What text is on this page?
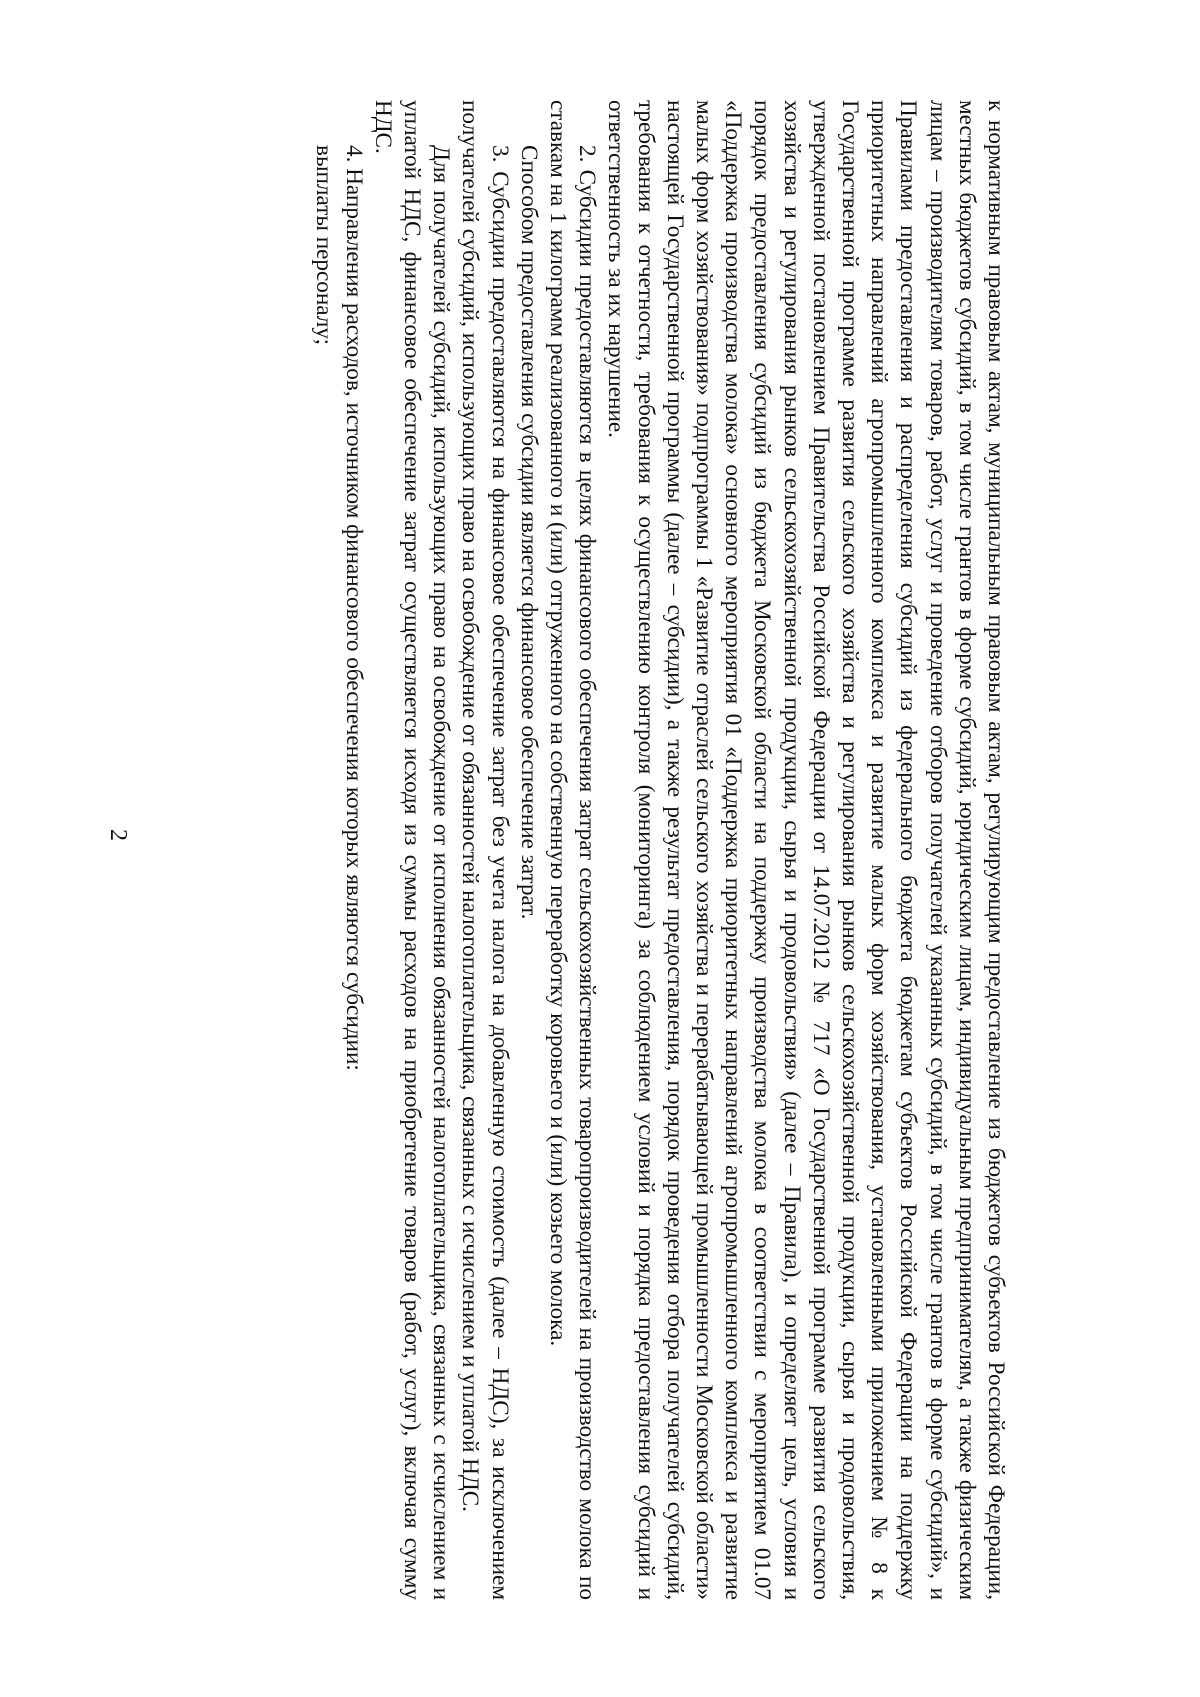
2	к нормативным правовым актам, муниципальным правовым актам, регулирующим предоставление из бюджетов субъектов Российской Федерации, местных бюджетов субсидий, в том числе грантов в форме субсидий, юридическим лицам, индивидуальным предпринимателям, а также физическим лицам – производителям товаров, работ, услуг и проведение отборов получателей указанных субсидий, в том числе грантов в форме субсидий», и Правилами предоставления и распределения субсидий из федерального бюджета бюджетам субъектов Российской Федерации на поддержку приоритетных направлений агропромышленного комплекса и развитие малых форм хозяйствования, установленными приложением № 8 к Государственной программе развития сельского хозяйства и регулирования рынков сельскохозяйственной продукции, сырья и продовольствия, утвержденной постановлением Правительства Российской Федерации от 14.07.2012 № 717 «О Государственной программе развития сельского хозяйства и регулирования рынков сельскохозяйственной продукции, сырья и продовольствия» (далее – Правила), и определяет цель, условия и порядок предоставления субсидий из бюджета Московской области на поддержку производства молока в соответствии с мероприятием 01.07 «Поддержка производства молока» основного мероприятия 01 «Поддержка приоритетных направлений агропромышленного комплекса и развитие малых форм хозяйствования» подпрограммы 1 «Развитие отраслей сельского хозяйства и перерабатывающей промышленности Московской области» настоящей Государственной программы (далее – субсидии), а также результат предоставления, порядок проведения отбора получателей субсидий, требования к отчетности, требования к осуществлению контроля (мониторинга) за соблюдением условий и порядка предоставления субсидий и ответственность за их нарушение.

2. Субсидии предоставляются в целях финансового обеспечения затрат сельскохозяйственных товаропроизводителей на производство молока по ставкам на 1 килограмм реализованного и (или) отгруженного на собственную переработку коровьего и (или) козьего молока.

Способом предоставления субсидии является финансовое обеспечение затрат.

3. Субсидии предоставляются на финансовое обеспечение затрат без учета налога на добавленную стоимость (далее – НДС), за исключением получателей субсидий, использующих право на освобождение от обязанностей налогоплательщика, связанных с исчислением и уплатой НДС.

Для получателей субсидий, использующих право на освобождение от исполнения обязанностей налогоплательщика, связанных с исчислением и уплатой НДС, финансовое обеспечение затрат осуществляется исходя из суммы расходов на приобретение товаров (работ, услуг), включая сумму НДС.

4. Направления расходов, источником финансового обеспечения которых являются субсидии:

выплаты персоналу;
